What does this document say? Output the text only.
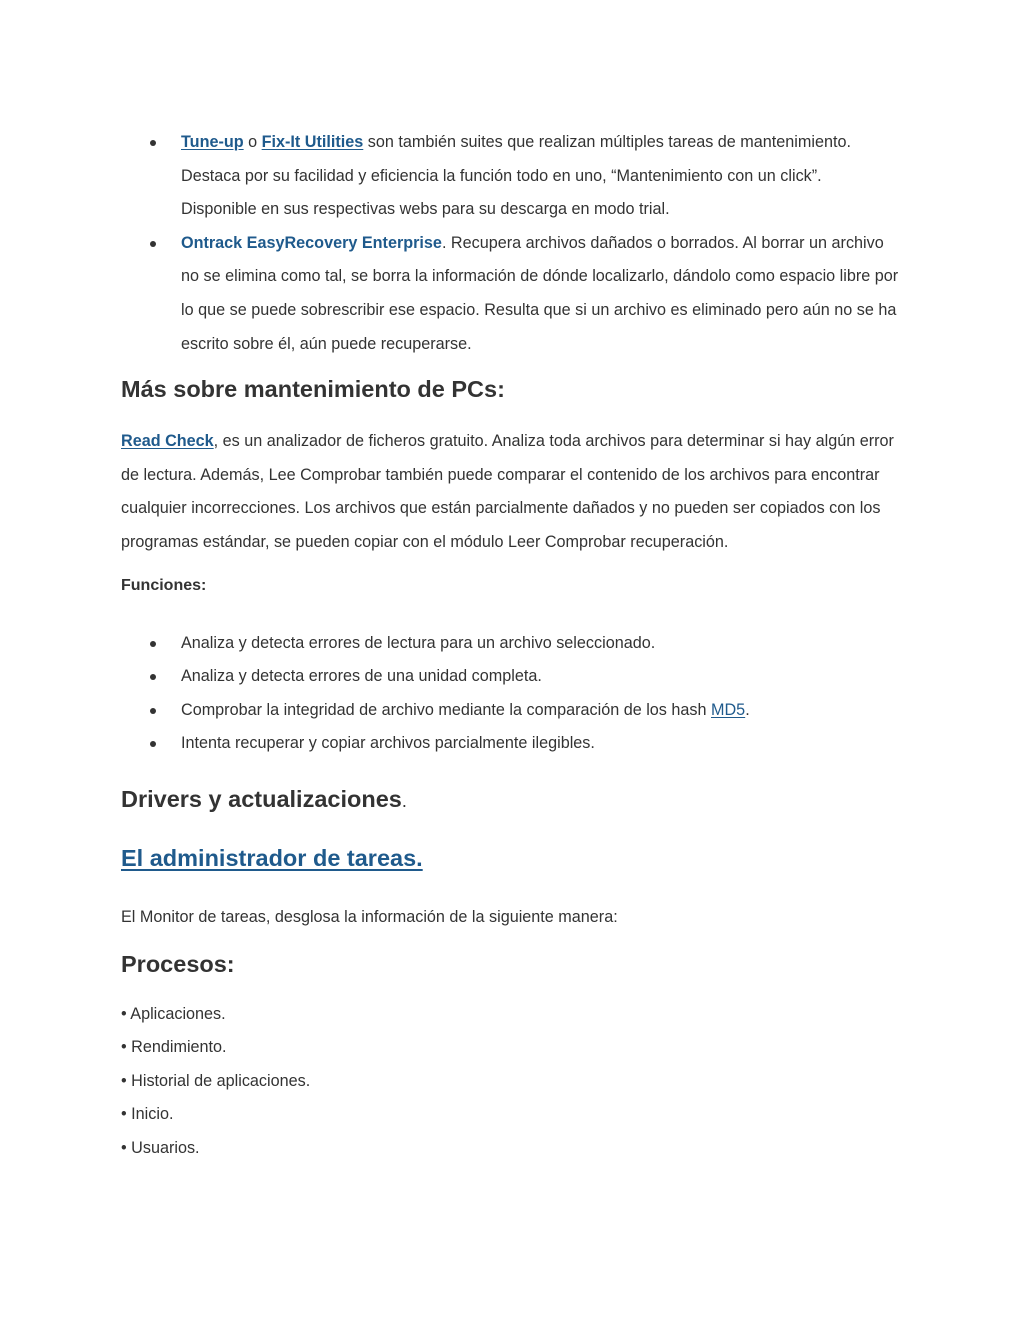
Tune-up o Fix-It Utilities son también suites que realizan múltiples tareas de mantenimiento. Destaca por su facilidad y eficiencia la función todo en uno, “Mantenimiento con un click”. Disponible en sus respectivas webs para su descarga en modo trial.
Ontrack EasyRecovery Enterprise. Recupera archivos dañados o borrados. Al borrar un archivo no se elimina como tal, se borra la información de dónde localizarlo, dándolo como espacio libre por lo que se puede sobrescribir ese espacio. Resulta que si un archivo es eliminado pero aún no se ha escrito sobre él, aún puede recuperarse.
Más sobre mantenimiento de PCs:

Read Check, es un analizador de ficheros gratuito. Analiza toda archivos para determinar si hay algún error de lectura. Además, Lee Comprobar también puede comparar el contenido de los archivos para encontrar cualquier incorrecciones. Los archivos que están parcialmente dañados y no pueden ser copiados con los programas estándar, se pueden copiar con el módulo Leer Comprobar recuperación.

Funciones:
Analiza y detecta errores de lectura para un archivo seleccionado.
Analiza y detecta errores de una unidad completa.
Comprobar la integridad de archivo mediante la comparación de los hash MD5.
Intenta recuperar y copiar archivos parcialmente ilegibles.
Drivers y actualizaciones.
El administrador de tareas.

El Monitor de tareas, desglosa la información de la siguiente manera:

Procesos:
• Aplicaciones.
• Rendimiento.
• Historial de aplicaciones.
• Inicio.
• Usuarios.
